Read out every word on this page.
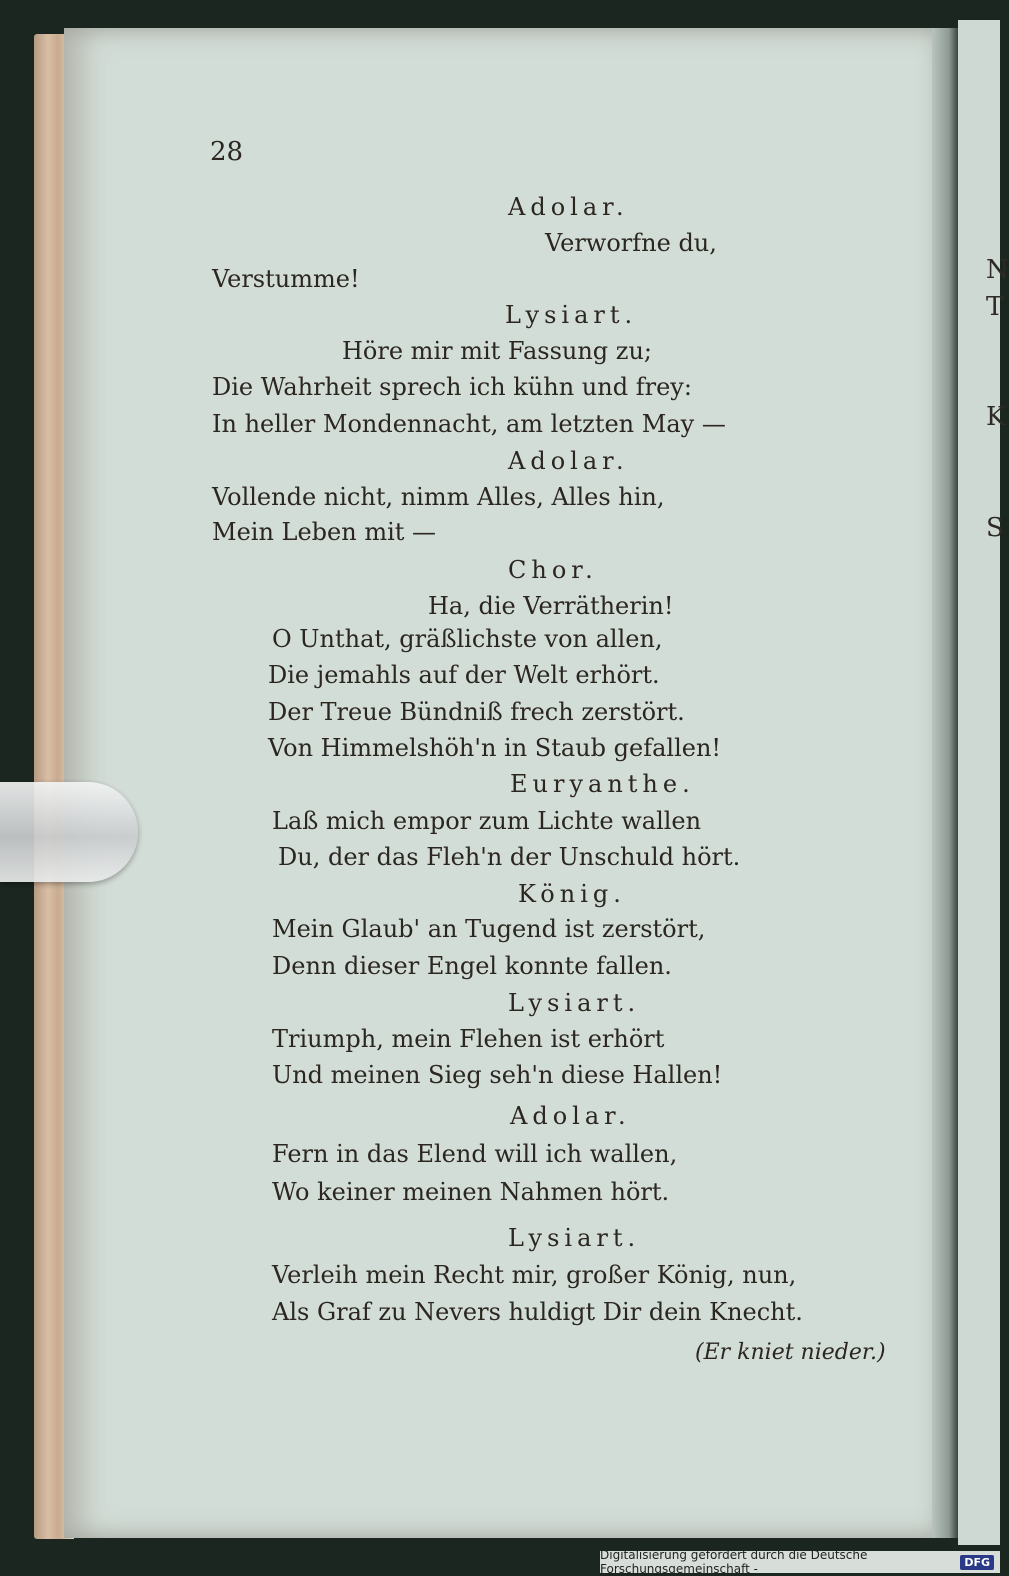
N
T
K
S
28
Adolar.
Verworfne du,
Verstumme!
Lysiart.
Höre mir mit Fassung zu;
Die Wahrheit sprech ich kühn und frey:
In heller Mondennacht, am letzten May —
Adolar.
Vollende nicht, nimm Alles, Alles hin,
Mein Leben mit —
Chor.
Ha, die Verrätherin!
O Unthat, gräßlichste von allen,
Die jemahls auf der Welt erhört.
Der Treue Bündniß frech zerstört.
Von Himmelshöh'n in Staub gefallen!
Euryanthe.
Laß mich empor zum Lichte wallen
Du, der das Fleh'n der Unschuld hört.
König.
Mein Glaub' an Tugend ist zerstört,
Denn dieser Engel konnte fallen.
Lysiart.
Triumph, mein Flehen ist erhört
Und meinen Sieg seh'n diese Hallen!
Adolar.
Fern in das Elend will ich wallen,
Wo keiner meinen Nahmen hört.
Lysiart.
Verleih mein Recht mir, großer König, nun,
Als Graf zu Nevers huldigt Dir dein Knecht.
(Er kniet nieder.)
Digitalisierung gefördert durch die Deutsche Forschungsgemeinschaft -	DFG
